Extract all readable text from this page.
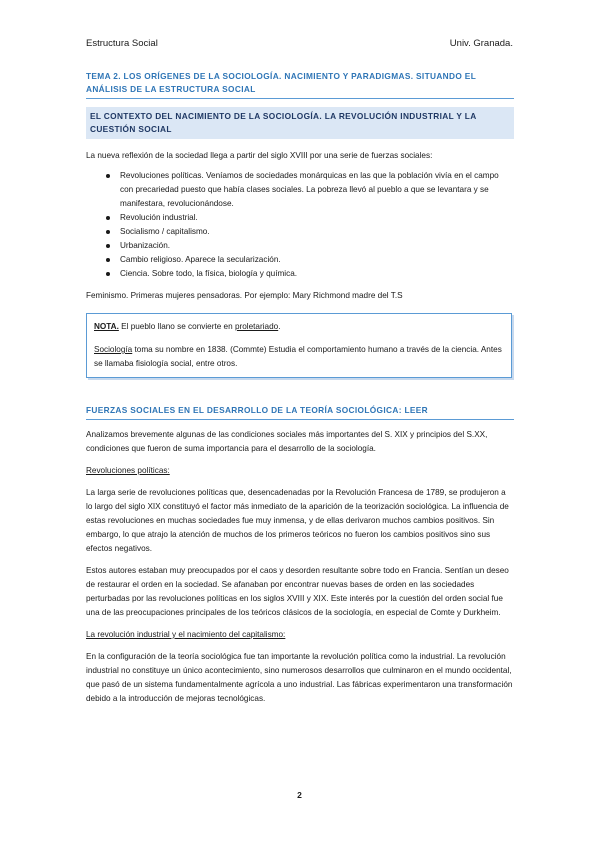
Estructura Social	Univ. Granada.
TEMA 2. LOS ORÍGENES DE LA SOCIOLOGÍA. NACIMIENTO Y PARADIGMAS. SITUANDO EL ANÁLISIS DE LA ESTRUCTURA SOCIAL
EL CONTEXTO DEL NACIMIENTO DE LA SOCIOLOGÍA. LA REVOLUCIÓN INDUSTRIAL Y LA CUESTIÓN SOCIAL

La nueva reflexión de la sociedad llega a partir del siglo XVIII por una serie de fuerzas sociales:

Revoluciones políticas. Veníamos de sociedades monárquicas en las que la población vivía en el campo con precariedad puesto que había clases sociales. La pobreza llevó al pueblo a que se levantara y se manifestara, revolucionándose.
Revolución industrial.
Socialismo / capitalismo.
Urbanización.
Cambio religioso. Aparece la secularización.
Ciencia. Sobre todo, la física, biología y química.

Feminismo. Primeras mujeres pensadoras. Por ejemplo: Mary Richmond madre del T.S

NOTA. El pueblo llano se convierte en proletariado.

Sociología toma su nombre en 1838. (Commte) Estudia el comportamiento humano a través de la ciencia. Antes se llamaba fisiología social, entre otros.

FUERZAS SOCIALES EN EL DESARROLLO DE LA TEORÍA SOCIOLÓGICA: LEER

Analizamos brevemente algunas de las condiciones sociales más importantes del S. XIX y principios del S.XX, condiciones que fueron de suma importancia para el desarrollo de la sociología.

Revoluciones políticas:

La larga serie de revoluciones políticas que, desencadenadas por la Revolución Francesa de 1789, se produjeron a lo largo del siglo XIX constituyó el factor más inmediato de la aparición de la teorización sociológica. La influencia de estas revoluciones en muchas sociedades fue muy inmensa, y de ellas derivaron muchos cambios positivos. Sin embargo, lo que atrajo la atención de muchos de los primeros teóricos no fueron los cambios positivos sino sus efectos negativos.

Estos autores estaban muy preocupados por el caos y desorden resultante sobre todo en Francia. Sentían un deseo de restaurar el orden en la sociedad. Se afanaban por encontrar nuevas bases de orden en las sociedades perturbadas por las revoluciones políticas en los siglos XVIII y XIX. Este interés por la cuestión del orden social fue una de las preocupaciones principales de los teóricos clásicos de la sociología, en especial de Comte y Durkheim.

La revolución industrial y el nacimiento del capitalismo:

En la configuración de la teoría sociológica fue tan importante la revolución política como la industrial. La revolución industrial no constituye un único acontecimiento, sino numerosos desarrollos que culminaron en el mundo occidental, que pasó de un sistema fundamentalmente agrícola a uno industrial. Las fábricas experimentaron una transformación debido a la introducción de mejoras tecnológicas.

2
